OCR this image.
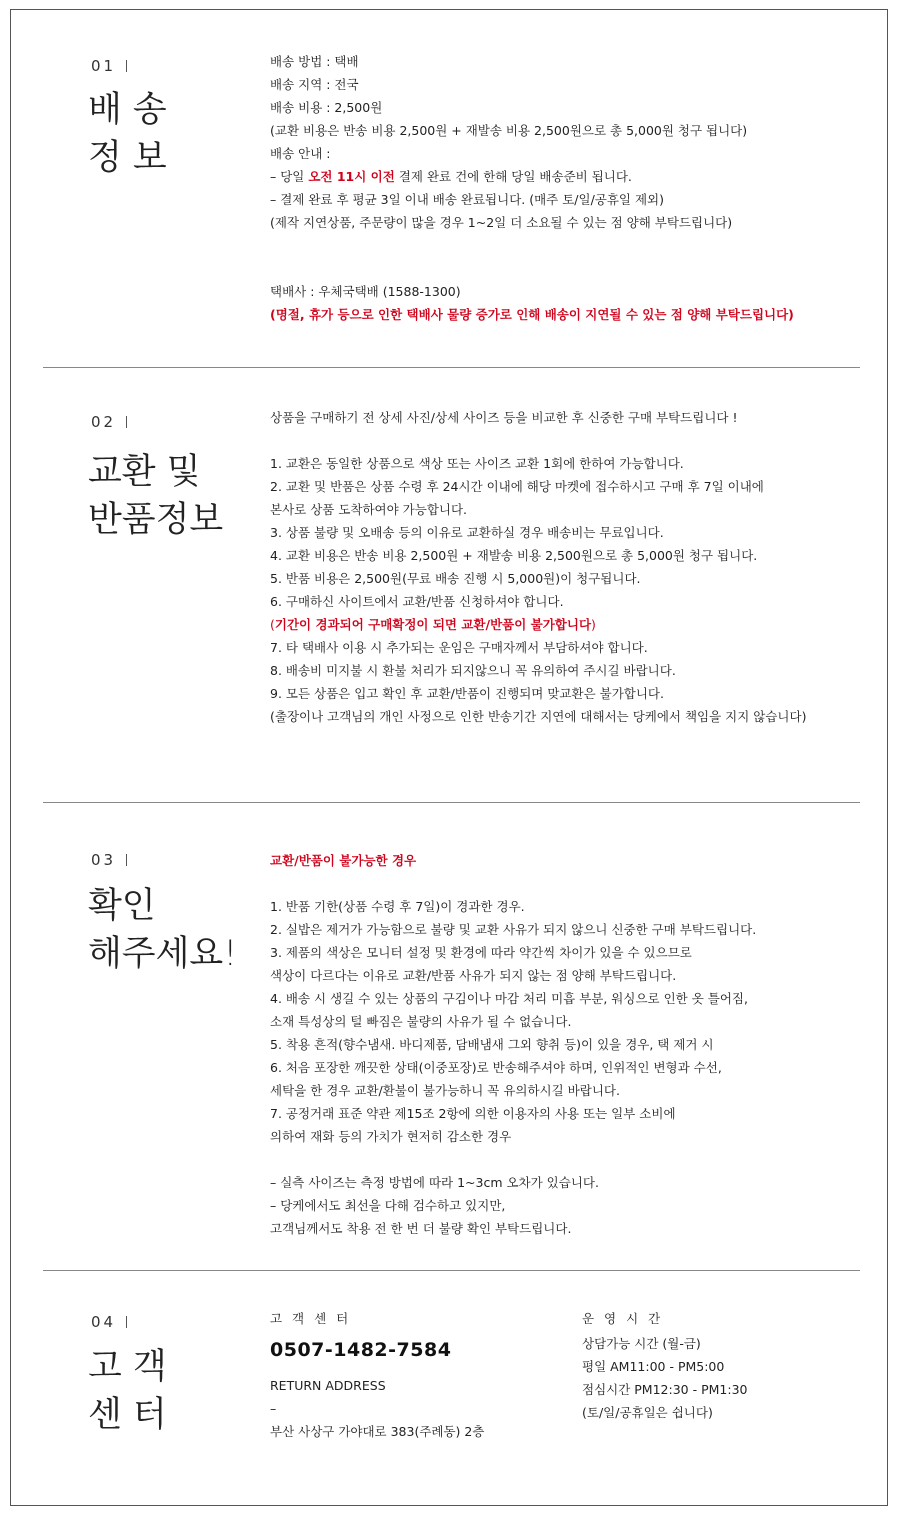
01
배 송
정 보
배송 방법 : 택배
배송 지역 : 전국
배송 비용 : 2,500원
(교환 비용은 반송 비용 2,500원 + 재발송 비용 2,500원으로 총 5,000원 청구 됩니다)
배송 안내 :
– 당일 오전 11시 이전 결제 완료 건에 한해 당일 배송준비 됩니다.
– 결제 완료 후 평균 3일 이내 배송 완료됩니다. (매주 토/일/공휴일 제외)
(제작 지연상품, 주문량이 많을 경우 1~2일 더 소요될 수 있는 점 양해 부탁드립니다)
택배사 : 우체국택배 (1588-1300)
(명절, 휴가 등으로 인한 택배사 물량 증가로 인해 배송이 지연될 수 있는 점 양해 부탁드립니다)
02
교환 및
반품정보
상품을 구매하기 전 상세 사진/상세 사이즈 등을 비교한 후 신중한 구매 부탁드립니다 !
1. 교환은 동일한 상품으로 색상 또는 사이즈 교환 1회에 한하여 가능합니다.
2. 교환 및 반품은 상품 수령 후 24시간 이내에 해당 마켓에 접수하시고 구매 후 7일 이내에
본사로 상품 도착하여야 가능합니다.
3. 상품 불량 및 오배송 등의 이유로 교환하실 경우 배송비는 무료입니다.
4. 교환 비용은 반송 비용 2,500원 + 재발송 비용 2,500원으로 총 5,000원 청구 됩니다.
5. 반품 비용은 2,500원(무료 배송 진행 시 5,000원)이 청구됩니다.
6. 구매하신 사이트에서 교환/반품 신청하셔야 합니다.
(기간이 경과되어 구매확정이 되면 교환/반품이 불가합니다)
7. 타 택배사 이용 시 추가되는 운임은 구매자께서 부담하셔야 합니다.
8. 배송비 미지불 시 환불 처리가 되지않으니 꼭 유의하여 주시길 바랍니다.
9. 모든 상품은 입고 확인 후 교환/반품이 진행되며 맞교환은 불가합니다.
(출장이나 고객님의 개인 사정으로 인한 반송기간 지연에 대해서는 당케에서 책임을 지지 않습니다)
03
확인
해주세요!
교환/반품이 불가능한 경우
1. 반품 기한(상품 수령 후 7일)이 경과한 경우.
2. 실밥은 제거가 가능함으로 불량 및 교환 사유가 되지 않으니 신중한 구매 부탁드립니다.
3. 제품의 색상은 모니터 설정 및 환경에 따라 약간씩 차이가 있을 수 있으므로
색상이 다르다는 이유로 교환/반품 사유가 되지 않는 점 양해 부탁드립니다.
4. 배송 시 생길 수 있는 상품의 구김이나 마감 처리 미흡 부분, 워싱으로 인한 옷 틀어짐,
소재 특성상의 털 빠짐은 불량의 사유가 될 수 없습니다.
5. 착용 흔적(향수냄새. 바디제품, 담배냄새 그외 향취 등)이 있을 경우, 택 제거 시
6. 처음 포장한 깨끗한 상태(이중포장)로 반송해주셔야 하며, 인위적인 변형과 수선,
세탁을 한 경우 교환/환불이 불가능하니 꼭 유의하시길 바랍니다.
7. 공정거래 표준 약관 제15조 2항에 의한 이용자의 사용 또는 일부 소비에
의하여 재화 등의 가치가 현저히 감소한 경우
– 실측 사이즈는 측정 방법에 따라 1~3cm 오차가 있습니다.
– 당케에서도 최선을 다해 검수하고 있지만,
고객님께서도 착용 전 한 번 더 불량 확인 부탁드립니다.
04
고 객
센 터
고 객 센 터
0507-1482-7584
RETURN ADDRESS
–
부산 사상구 가야대로 383(주례동) 2층
운 영 시 간
상담가능 시간 (월-금)
평일 AM11:00 - PM5:00
점심시간 PM12:30 - PM1:30
(토/일/공휴일은 쉽니다)
